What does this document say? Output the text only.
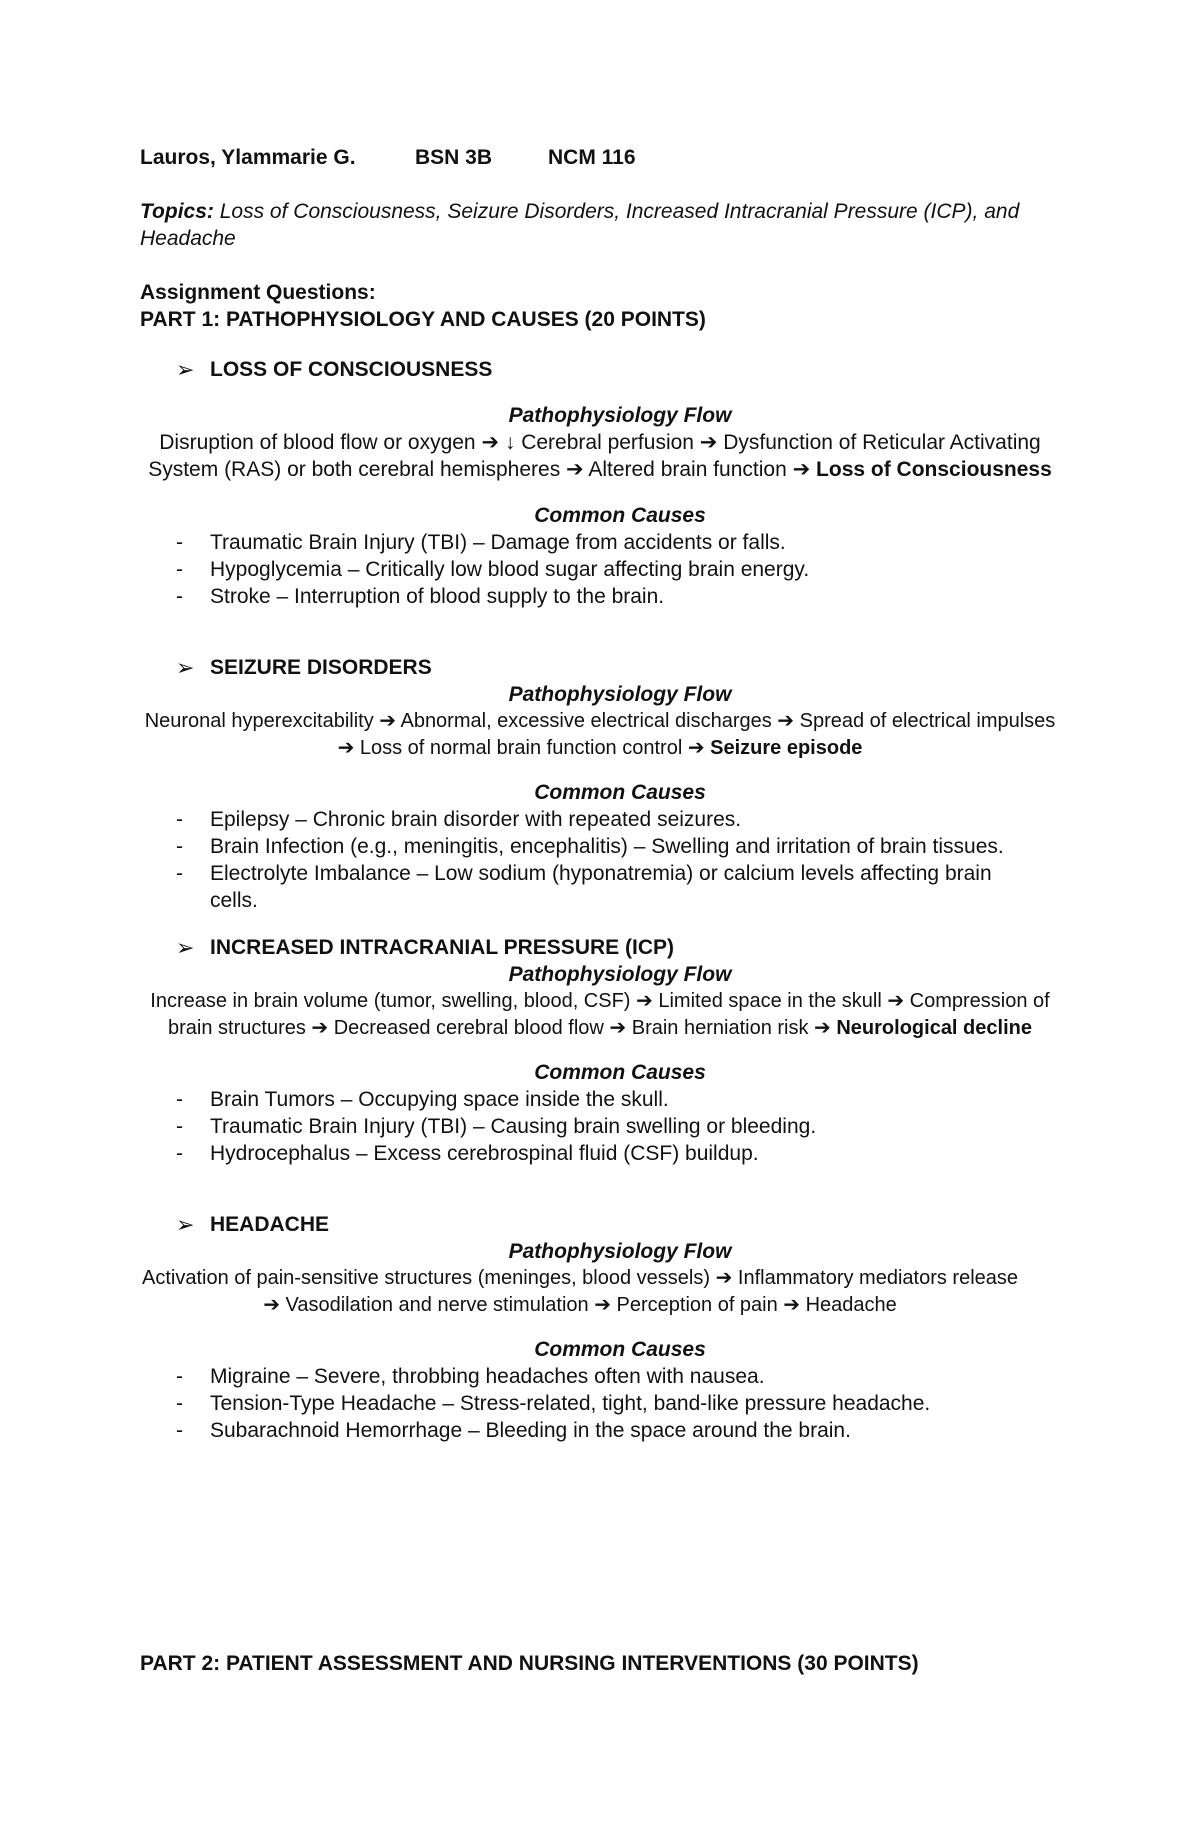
Lauros, Ylammarie G.	BSN 3B	NCM 116
Topics: Loss of Consciousness, Seizure Disorders, Increased Intracranial Pressure (ICP), and Headache
Assignment Questions:
PART 1: PATHOPHYSIOLOGY AND CAUSES (20 POINTS)
➢ LOSS OF CONSCIOUSNESS
Pathophysiology Flow
Disruption of blood flow or oxygen ➔ ↓ Cerebral perfusion ➔ Dysfunction of Reticular Activating System (RAS) or both cerebral hemispheres ➔ Altered brain function ➔ Loss of Consciousness
Common Causes
- Traumatic Brain Injury (TBI) – Damage from accidents or falls.
- Hypoglycemia – Critically low blood sugar affecting brain energy.
- Stroke – Interruption of blood supply to the brain.
➢ SEIZURE DISORDERS
Pathophysiology Flow
Neuronal hyperexcitability ➔ Abnormal, excessive electrical discharges ➔ Spread of electrical impulses ➔ Loss of normal brain function control ➔ Seizure episode
Common Causes
- Epilepsy – Chronic brain disorder with repeated seizures.
- Brain Infection (e.g., meningitis, encephalitis) – Swelling and irritation of brain tissues.
- Electrolyte Imbalance – Low sodium (hyponatremia) or calcium levels affecting brain cells.
➢ INCREASED INTRACRANIAL PRESSURE (ICP)
Pathophysiology Flow
Increase in brain volume (tumor, swelling, blood, CSF) ➔ Limited space in the skull ➔ Compression of brain structures ➔ Decreased cerebral blood flow ➔ Brain herniation risk ➔ Neurological decline
Common Causes
- Brain Tumors – Occupying space inside the skull.
- Traumatic Brain Injury (TBI) – Causing brain swelling or bleeding.
- Hydrocephalus – Excess cerebrospinal fluid (CSF) buildup.
➢ HEADACHE
Pathophysiology Flow
Activation of pain-sensitive structures (meninges, blood vessels) ➔ Inflammatory mediators release ➔ Vasodilation and nerve stimulation ➔ Perception of pain ➔ Headache
Common Causes
- Migraine – Severe, throbbing headaches often with nausea.
- Tension-Type Headache – Stress-related, tight, band-like pressure headache.
- Subarachnoid Hemorrhage – Bleeding in the space around the brain.
PART 2: PATIENT ASSESSMENT AND NURSING INTERVENTIONS (30 POINTS)
